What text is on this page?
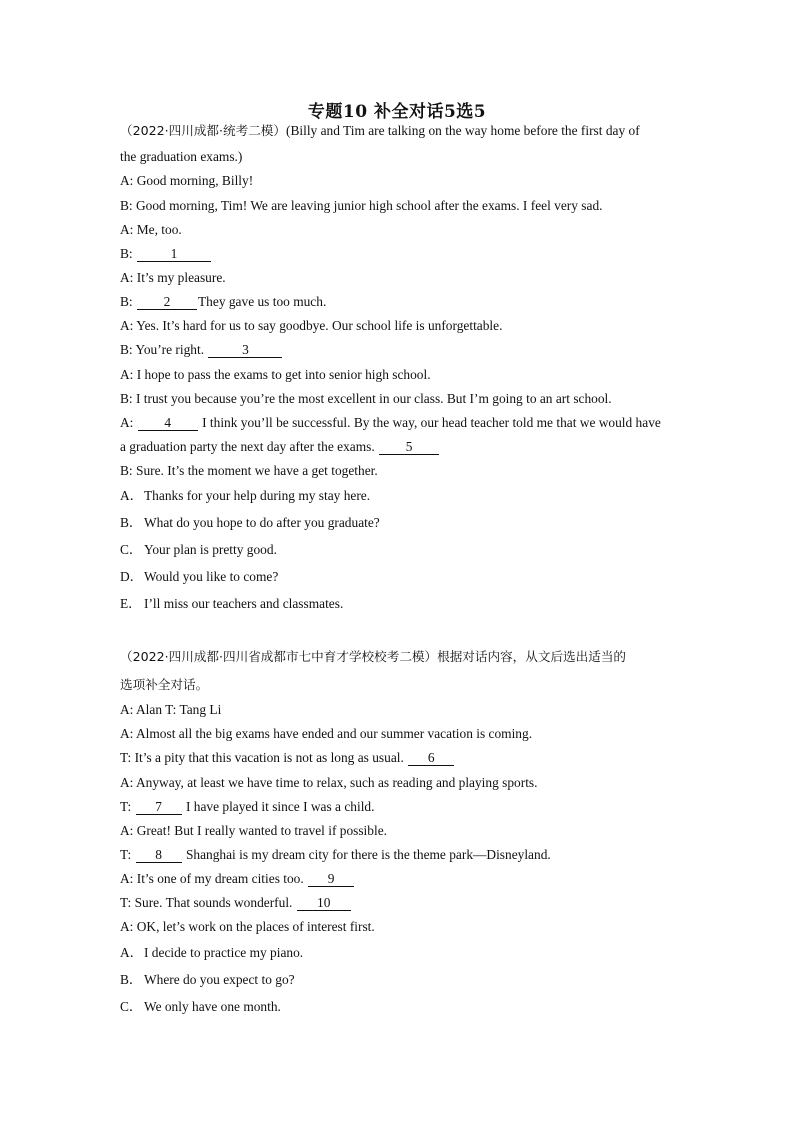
专题10 补全对话5选5
（2022·四川成都·统考二模）(Billy and Tim are talking on the way home before the first day of
the graduation exams.)
A: Good morning, Billy!
B: Good morning, Tim! We are leaving junior high school after the exams. I feel very sad.
A: Me, too.
B:	1
A: It’s my pleasure.
B: 2 They gave us too much.
A: Yes. It’s hard for us to say goodbye. Our school life is unforgettable.
B: You’re right.	3
A: I hope to pass the exams to get into senior high school.
B: I trust you because you’re the most excellent in our class. But I’m going to an art school.
A: 4 I think you’ll be successful. By the way, our head teacher told me that we would have
a graduation party the next day after the exams. 5
B: Sure. It’s the moment we have a get together.
A．Thanks for your help during my stay here.
B． What do you hope to do after you graduate?
C． Your plan is pretty good.
D．Would you like to come?
E． I’ll miss our teachers and classmates.
（2022·四川成都·四川省成都市七中育才学校校考二模）根据对话内容，从文后选出适当的
选项补全对话。
A: Alan T: Tang Li
A: Almost all the big exams have ended and our summer vacation is coming.
T: It’s a pity that this vacation is not as long as usual. 6
A: Anyway, at least we have time to relax, such as reading and playing sports.
T: 7 I have played it since I was a child.
A: Great! But I really wanted to travel if possible.
T: 8 Shanghai is my dream city for there is the theme park—Disneyland.
A: It’s one of my dream cities too. 9
T: Sure. That sounds wonderful. 10
A: OK, let’s work on the places of interest first.
A．I decide to practice my piano.
B． Where do you expect to go?
C． We only have one month.
